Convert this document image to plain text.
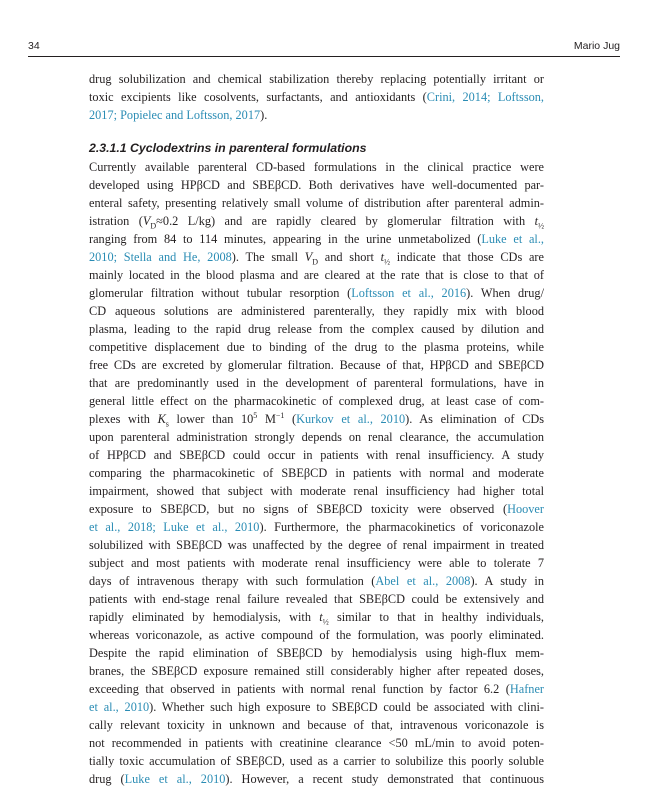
34	Mario Jug

drug solubilization and chemical stabilization thereby replacing potentially irritant or
toxic excipients like cosolvents, surfactants, and antioxidants (Crini, 2014; Loftsson,
2017; Popielec and Loftsson, 2017).

2.3.1.1 Cyclodextrins in parenteral formulations

Currently available parenteral CD-based formulations in the clinical practice were
developed using HPβCD and SBEβCD. Both derivatives have well-documented par-
enteral safety, presenting relatively small volume of distribution after parenteral admin-
istration ($V_D\approx 0.2$ L/kg) and are rapidly cleared by glomerular filtration with $t_{\frac{1}{2}}$
ranging from 84 to 114 minutes, appearing in the urine unmetabolized (Luke et al.,
2010; Stella and He, 2008). The small $V_D$ and short $t_{\frac{1}{2}}$ indicate that those CDs are
mainly located in the blood plasma and are cleared at the rate that is close to that of
glomerular filtration without tubular resorption (Loftsson et al., 2016). When drug/
CD aqueous solutions are administered parenterally, they rapidly mix with blood
plasma, leading to the rapid drug release from the complex caused by dilution and
competitive displacement due to binding of the drug to the plasma proteins, while
free CDs are excreted by glomerular filtration. Because of that, HPβCD and SBEβCD
that are predominantly used in the development of parenteral formulations, have in
general little effect on the pharmacokinetic of complexed drug, at least case of com-
plexes with $K_s$ lower than $10^5$ $M^{-1}$ (Kurkov et al., 2010). As elimination of CDs
upon parenteral administration strongly depends on renal clearance, the accumulation
of HPβCD and SBEβCD could occur in patients with renal insufficiency. A study
comparing the pharmacokinetic of SBEβCD in patients with normal and moderate
impairment, showed that subject with moderate renal insufficiency had higher total
exposure to SBEβCD, but no signs of SBEβCD toxicity were observed (Hoover
et al., 2018; Luke et al., 2010). Furthermore, the pharmacokinetics of voriconazole
solubilized with SBEβCD was unaffected by the degree of renal impairment in treated
subject and most patients with moderate renal insufficiency were able to tolerate 7
days of intravenous therapy with such formulation (Abel et al., 2008). A study in
patients with end-stage renal failure revealed that SBEβCD could be extensively and
rapidly eliminated by hemodialysis, with $t_{\frac{1}{2}}$ similar to that in healthy individuals,
whereas voriconazole, as active compound of the formulation, was poorly eliminated.
Despite the rapid elimination of SBEβCD by hemodialysis using high-flux mem-
branes, the SBEβCD exposure remained still considerably higher after repeated doses,
exceeding that observed in patients with normal renal function by factor 6.2 (Hafner
et al., 2010). Whether such high exposure to SBEβCD could be associated with clini-
cally relevant toxicity in unknown and because of that, intravenous voriconazole is
not recommended in patients with creatinine clearance <50 mL/min to avoid poten-
tially toxic accumulation of SBEβCD, used as a carrier to solubilize this poorly soluble
drug (Luke et al., 2010). However, a recent study demonstrated that continuous
